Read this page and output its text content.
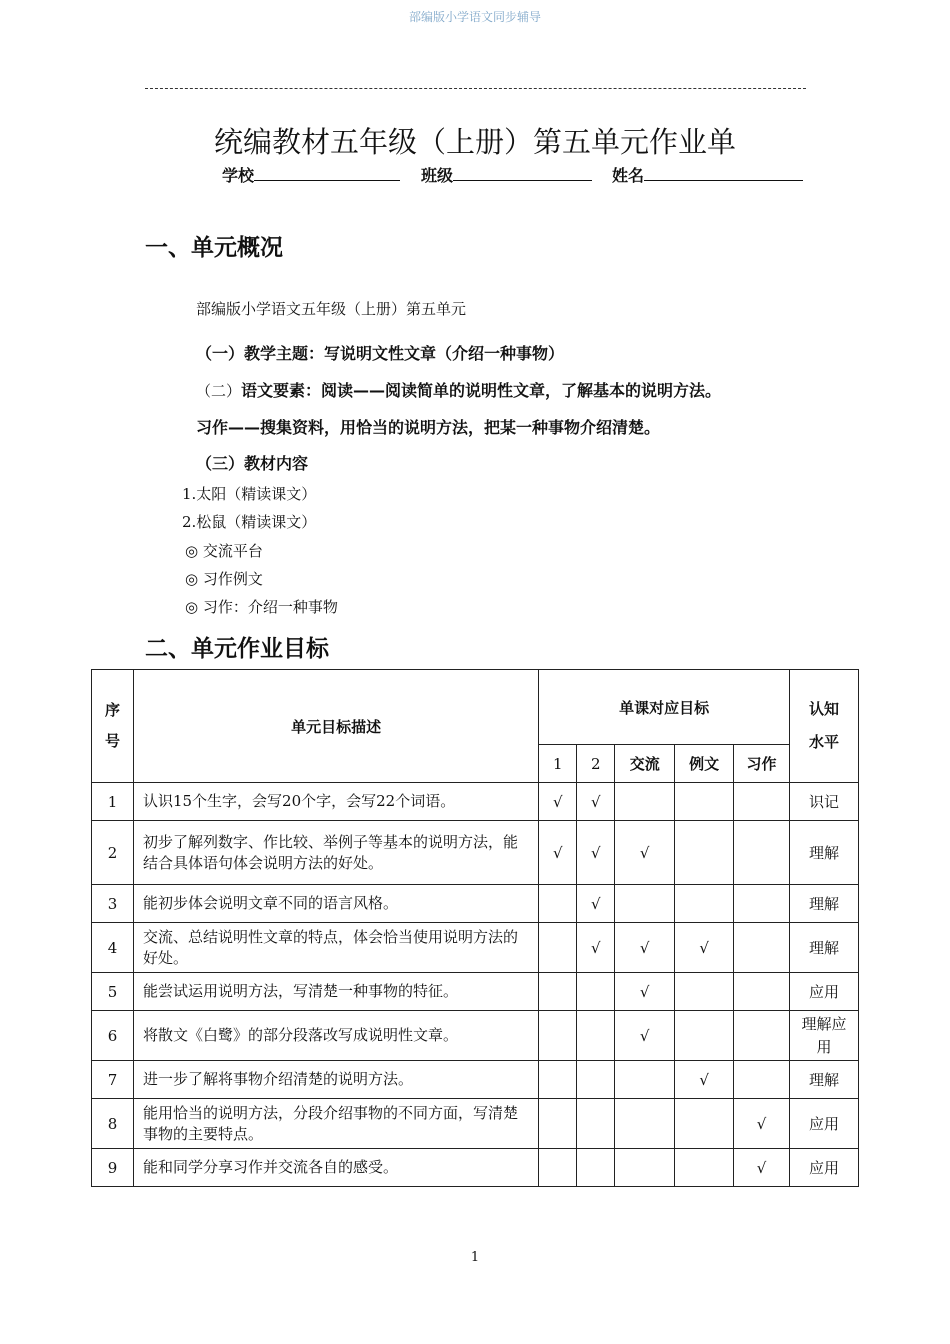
部编版小学语文同步辅导
统编教材五年级（上册）第五单元作业单
学校	班级	姓名
一、单元概况
部编版小学语文五年级（上册）第五单元
（一）教学主题：写说明文性文章（介绍一种事物）
（二）语文要素：阅读——阅读简单的说明性文章，了解基本的说明方法。
习作——搜集资料，用恰当的说明方法，把某一种事物介绍清楚。
（三）教材内容
1.太阳（精读课文）
2.松鼠（精读课文）
◎ 交流平台
◎ 习作例文
◎ 习作：介绍一种事物
二、单元作业目标
序号	单元目标描述	单课对应目标					认知水平

		1	2	交流	例文	习作	
1	认识15个生字，会写20个字，会写22个词语。	√	√				识记
2	初步了解列数字、作比较、举例子等基本的说明方法，能结合具体语句体会说明方法的好处。	√	√	√			理解
3	能初步体会说明文章不同的语言风格。		√				理解
4	交流、总结说明性文章的特点，体会恰当使用说明方法的好处。		√	√	√		理解
5	能尝试运用说明方法，写清楚一种事物的特征。			√			应用
6	将散文《白鹭》的部分段落改写成说明性文章。			√			理解应用
7	进一步了解将事物介绍清楚的说明方法。				√		理解
8	能用恰当的说明方法，分段介绍事物的不同方面，写清楚事物的主要特点。					√	应用
9	能和同学分享习作并交流各自的感受。					√	应用
1
